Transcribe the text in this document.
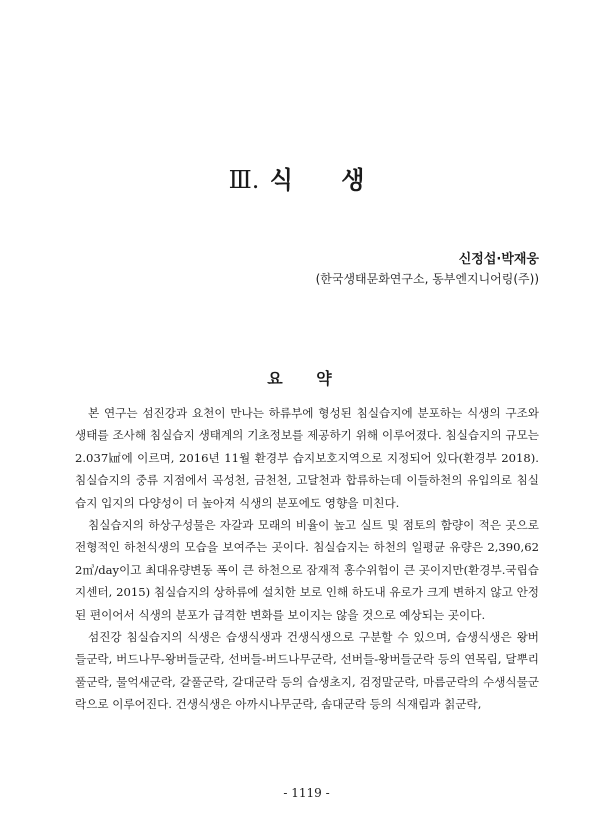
Ⅲ. 식 생
신정섭·박재웅
(한국생태문화연구소, 동부엔지니어링(주))
요 약

본 연구는 섬진강과 요천이 만나는 하류부에 형성된 침실습지에 분포하는 식생의 구조와 생태를 조사해 침실습지 생태계의 기초정보를 제공하기 위해 이루어졌다. 침실습지의 규모는 2.037㎢에 이르며, 2016년 11월 환경부 습지보호지역으로 지정되어 있다(환경부 2018). 침실습지의 중류 지점에서 곡성천, 금천천, 고달천과 합류하는데 이들하천의 유입의로 침실습지 입지의 다양성이 더 높아져 식생의 분포에도 영향을 미친다.

침실습지의 하상구성물은 자갈과 모래의 비율이 높고 실트 및 점토의 함량이 적은 곳으로 전형적인 하천식생의 모습을 보여주는 곳이다. 침실습지는 하천의 일평균 유량은 2,390,622㎥/day이고 최대유량변동 폭이 큰 하천으로 잠재적 홍수위험이 큰 곳이지만(환경부.국립습지센터, 2015) 침실습지의 상하류에 설치한 보로 인해 하도내 유로가 크게 변하지 않고 안정된 편이어서 식생의 분포가 급격한 변화를 보이지는 않을 것으로 예상되는 곳이다.

섬진강 침실습지의 식생은 습생식생과 건생식생으로 구분할 수 있으며, 습생식생은 왕버들군락, 버드나무-왕버들군락, 선버들-버드나무군락, 선버들-왕버들군락 등의 연목림, 달뿌리풀군락, 물억새군락, 갈풀군락, 갈대군락 등의 습생초지, 검정말군락, 마름군락의 수생식물군락으로 이루어진다. 건생식생은 아까시나무군락, 솜대군락 등의 식재림과 칡군락,

- 1119 -
